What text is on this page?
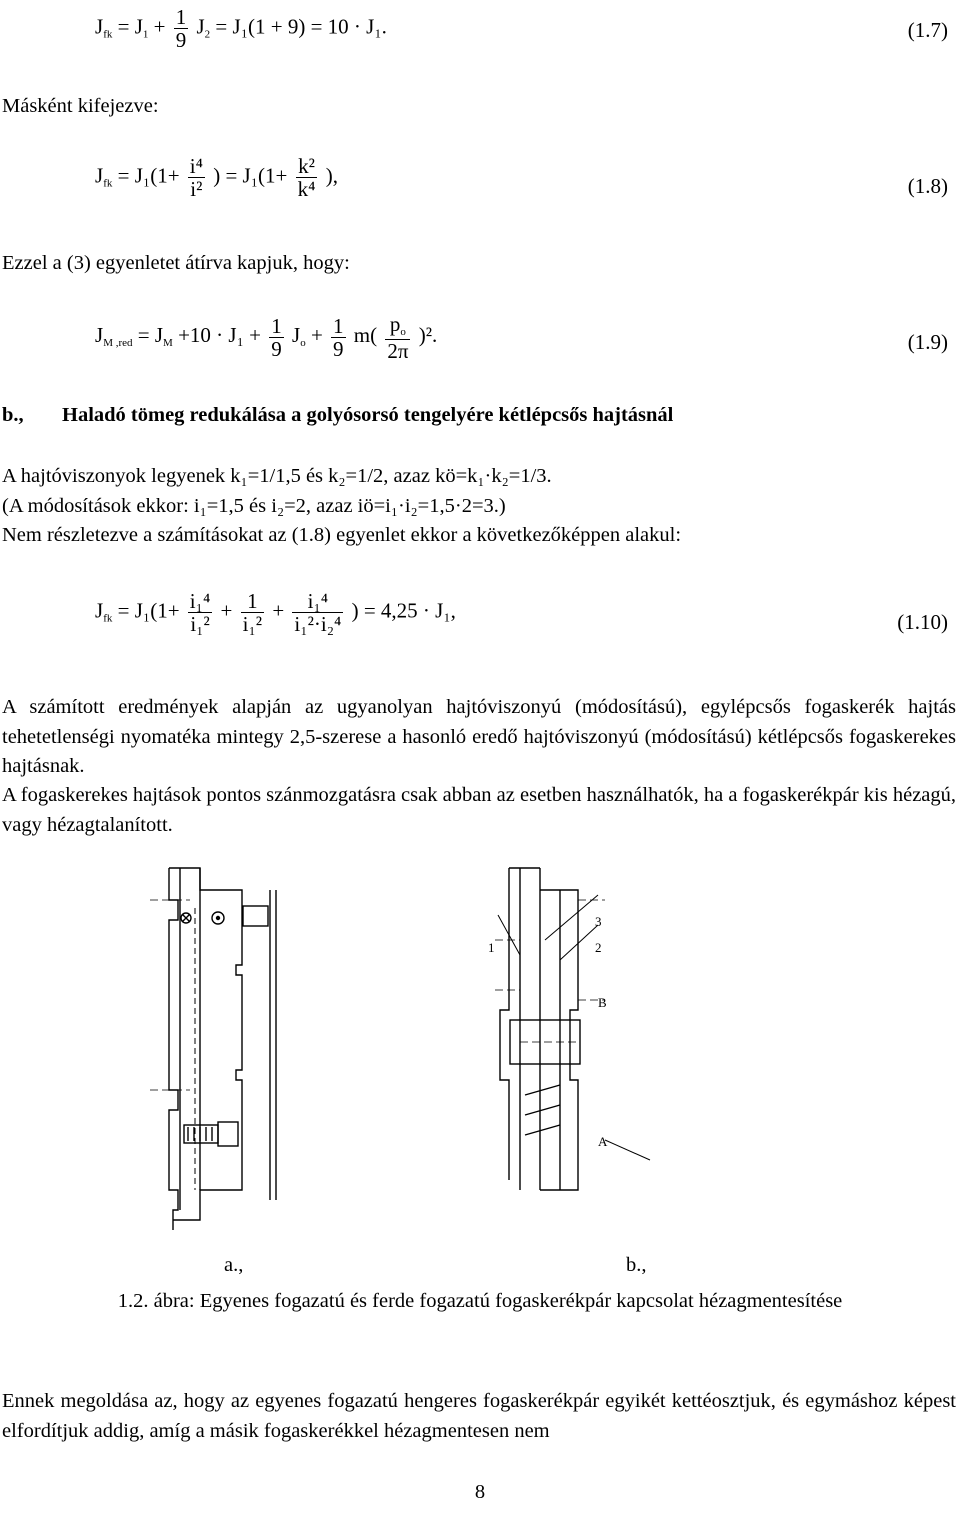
$J_{fk} = J_1 + \frac{1}{9} J_2 = J_1(1 + 9) = 10 \cdot J_1$.	(1.7)
Másként kifejezve:
$J_{fk} = J_1(1+ \frac{\text{i⁴}}{\text{i²}}$ ) = $J_1(1+ \frac{\text{k²}}{\text{k⁴}}$ ),	(1.8)
Ezzel a (3) egyenletet átírva kapjuk, hogy:
$J_{M ,red} = J_M +10 \cdot J_1 + \frac{1}{9} J_o + \frac{1}{9} m( \frac{p_o}{2\pi} )^2$.	(1.9)
b., Haladó tömeg redukálása a golyósorsó tengelyére kétlépcsős hajtásnál
A hajtóviszonyok legyenek k₁=1/1,5 és k₂=1/2, azaz kö=k₁·k₂=1/3.
(A módosítások ekkor: i₁=1,5 és i₂=2, azaz iö=i₁·i₂=1,5·2=3.)
Nem részletezve a számításokat az (1.8) egyenlet ekkor a következőképpen alakul:
$J_{fk} = J_1(1+ \frac{\text{i₁⁴}}{\text{i₁²}} + \frac{1}{\text{i₁²}} + \frac{\text{i₁⁴}}{\text{i₁²·i₂⁴}}$ ) = 4,25 · J₁,	(1.10)
A számított eredmények alapján az ugyanolyan hajtóviszonyú (módosítású), egylépcsős fogaskerék hajtás tehetetlenségi nyomatéka mintegy 2,5-szerese a hasonló eredő hajtóviszonyú (módosítású) kétlépcsős fogaskerekes hajtásnak.
A fogaskerekes hajtások pontos szánmozgatásra csak abban az esetben használhatók, ha a fogaskerékpár kis hézagú, vagy hézagtalanított.
1	2
3
B
A
a.,	b.,
1.2. ábra: Egyenes fogazatú és ferde fogazatú fogaskerékpár kapcsolat hézagmentesítése
Ennek megoldása az, hogy az egyenes fogazatú hengeres fogaskerékpár egyikét kettéosztjuk, és egymáshoz képest elfordítjuk addig, amíg a másik fogaskerékkel hézagmentesen nem
8
